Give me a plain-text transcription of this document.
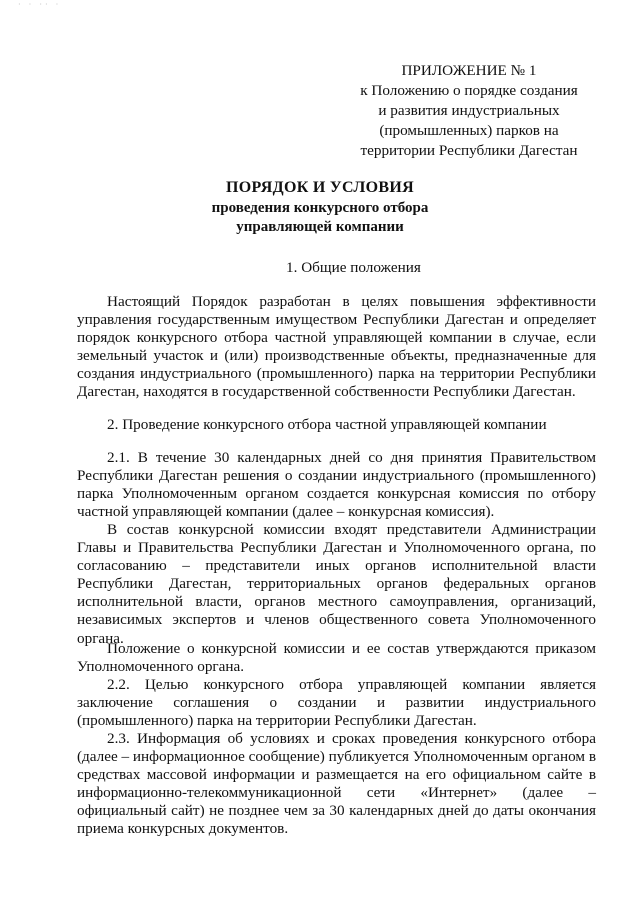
· · ·· ·
ПРИЛОЖЕНИЕ № 1
к Положению о порядке создания
и развития индустриальных
(промышленных) парков на
территории Республики Дагестан
ПОРЯДОК И УСЛОВИЯ
проведения конкурсного отбора
управляющей компании
1. Общие положения
Настоящий Порядок разработан в целях повышения эффективности
управления государственным имуществом Республики Дагестан и определяет
порядок конкурсного отбора частной управляющей компании в случае, если
земельный участок и (или) производственные объекты, предназначенные для
создания индустриального (промышленного) парка на территории Республики
Дагестан, находятся в государственной собственности Республики Дагестан.
2. Проведение конкурсного отбора частной управляющей компании
2.1. В течение 30 календарных дней со дня принятия Правительством
Республики Дагестан решения о создании индустриального (промышленного)
парка Уполномоченным органом создается конкурсная комиссия по отбору
частной управляющей компании (далее – конкурсная комиссия).
В состав конкурсной комиссии входят представители Администрации
Главы и Правительства Республики Дагестан и Уполномоченного органа, по
согласованию – представители иных органов исполнительной власти
Республики Дагестан, территориальных органов федеральных органов
исполнительной власти, органов местного самоуправления, организаций,
независимых экспертов и членов общественного совета Уполномоченного
органа.
Положение о конкурсной комиссии и ее состав утверждаются приказом
Уполномоченного органа.
2.2. Целью конкурсного отбора управляющей компании является
заключение соглашения о создании и развитии индустриального
(промышленного) парка на территории Республики Дагестан.
2.3. Информация об условиях и сроках проведения конкурсного отбора
(далее – информационное сообщение) публикуется Уполномоченным органом в
средствах массовой информации и размещается на его официальном сайте в
информационно-телекоммуникационной сети «Интернет» (далее –
официальный сайт) не позднее чем за 30 календарных дней до даты окончания
приема конкурсных документов.
